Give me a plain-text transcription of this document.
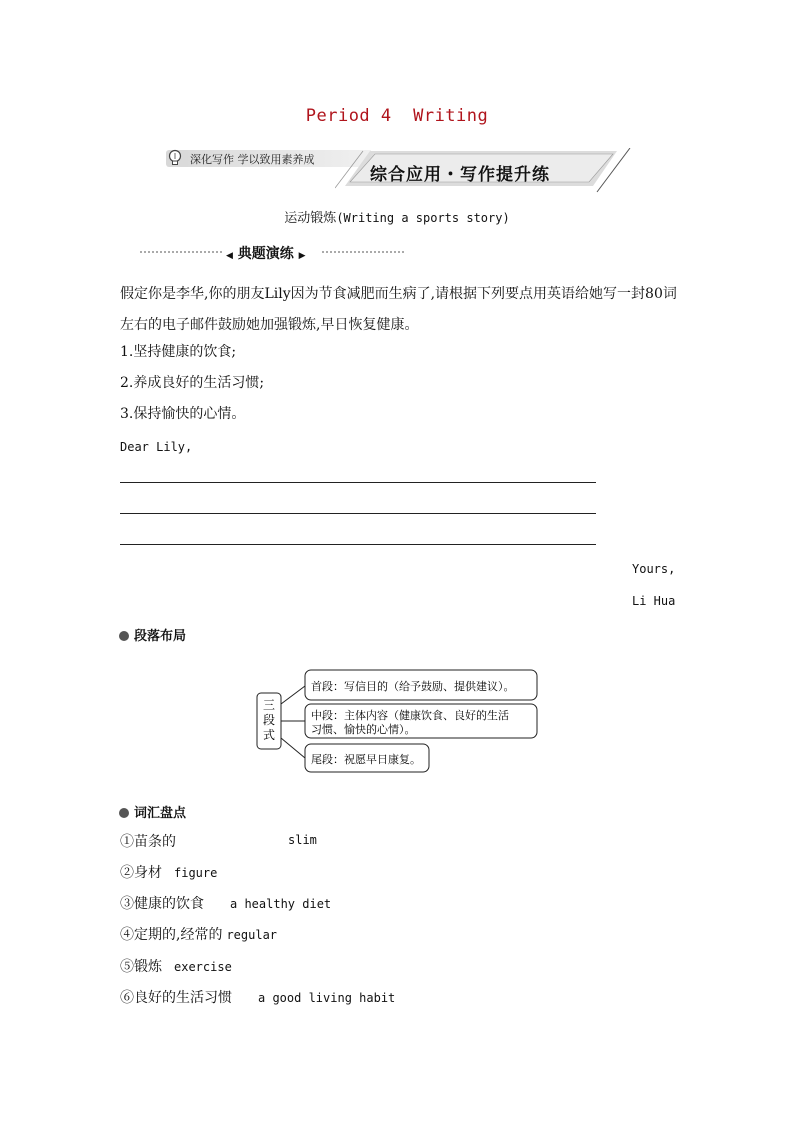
Period 4  Writing
深化写作 学以致用素养成
综合应用・写作提升练
运动锻炼(Writing a sports story)
◀ 典题演练 ▶
假定你是李华,你的朋友Lily因为节食减肥而生病了,请根据下列要点用英语给她写一封80词左右的电子邮件鼓励她加强锻炼,早日恢复健康。
1.坚持健康的饮食;
2.养成良好的生活习惯;
3.保持愉快的心情。
Dear Lily,
Yours,
Li Hua
段落布局
三
段
式
首段：写信目的（给予鼓励、提供建议）。
中段：主体内容（健康饮食、良好的生活
习惯、愉快的心情）。
尾段：祝愿早日康复。
词汇盘点
①苗条的	slim
②身材 figure
③健康的饮食 a healthy diet
④定期的,经常的 regular
⑤锻炼 exercise
⑥良好的生活习惯 a good living habit
